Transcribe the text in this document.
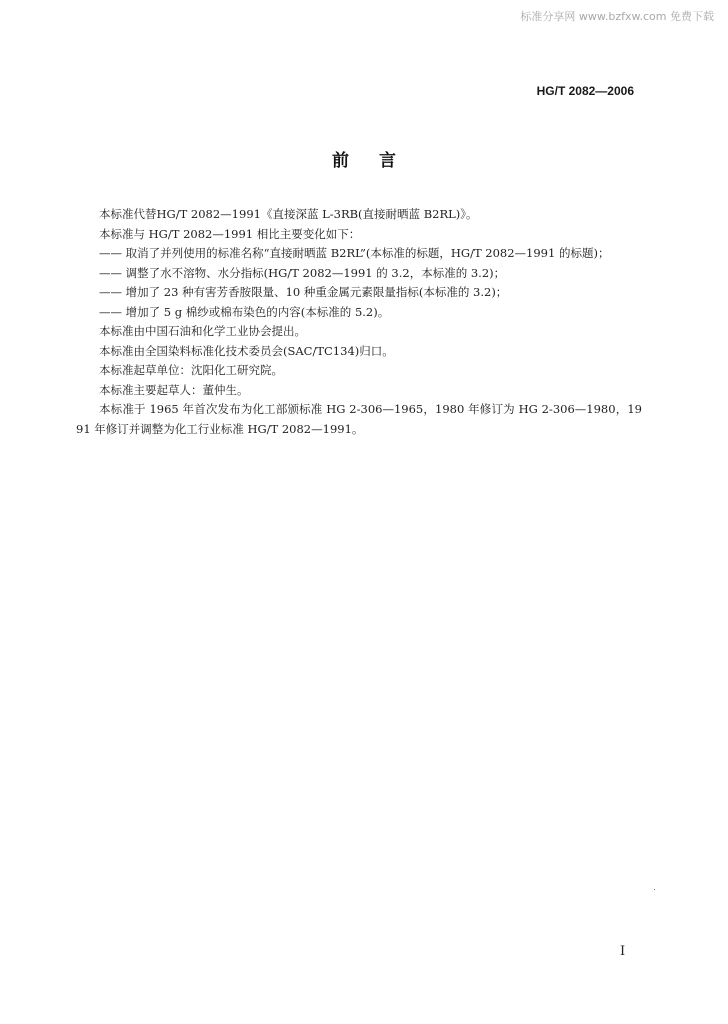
标准分享网 www.bzfxw.com 免费下载
HG/T 2082—2006
前言

本标准代替HG/T 2082—1991《直接深蓝 L-3RB(直接耐晒蓝 B2RL)》。

本标准与 HG/T 2082—1991 相比主要变化如下：

—— 取消了并列使用的标准名称“直接耐晒蓝 B2RL”(本标准的标题，HG/T 2082—1991 的标题)；

—— 调整了水不溶物、水分指标(HG/T 2082—1991 的 3.2，本标准的 3.2)；

—— 增加了 23 种有害芳香胺限量、10 种重金属元素限量指标(本标准的 3.2)；

—— 增加了 5 g 棉纱或棉布染色的内容(本标准的 5.2)。

本标准由中国石油和化学工业协会提出。

本标准由全国染料标准化技术委员会(SAC/TC134)归口。

本标准起草单位：沈阳化工研究院。

本标准主要起草人：董仲生。

本标准于 1965 年首次发布为化工部颁标准 HG 2-306—1965，1980 年修订为 HG 2-306—1980，1991 年修订并调整为化工行业标准 HG/T 2082—1991。

I
